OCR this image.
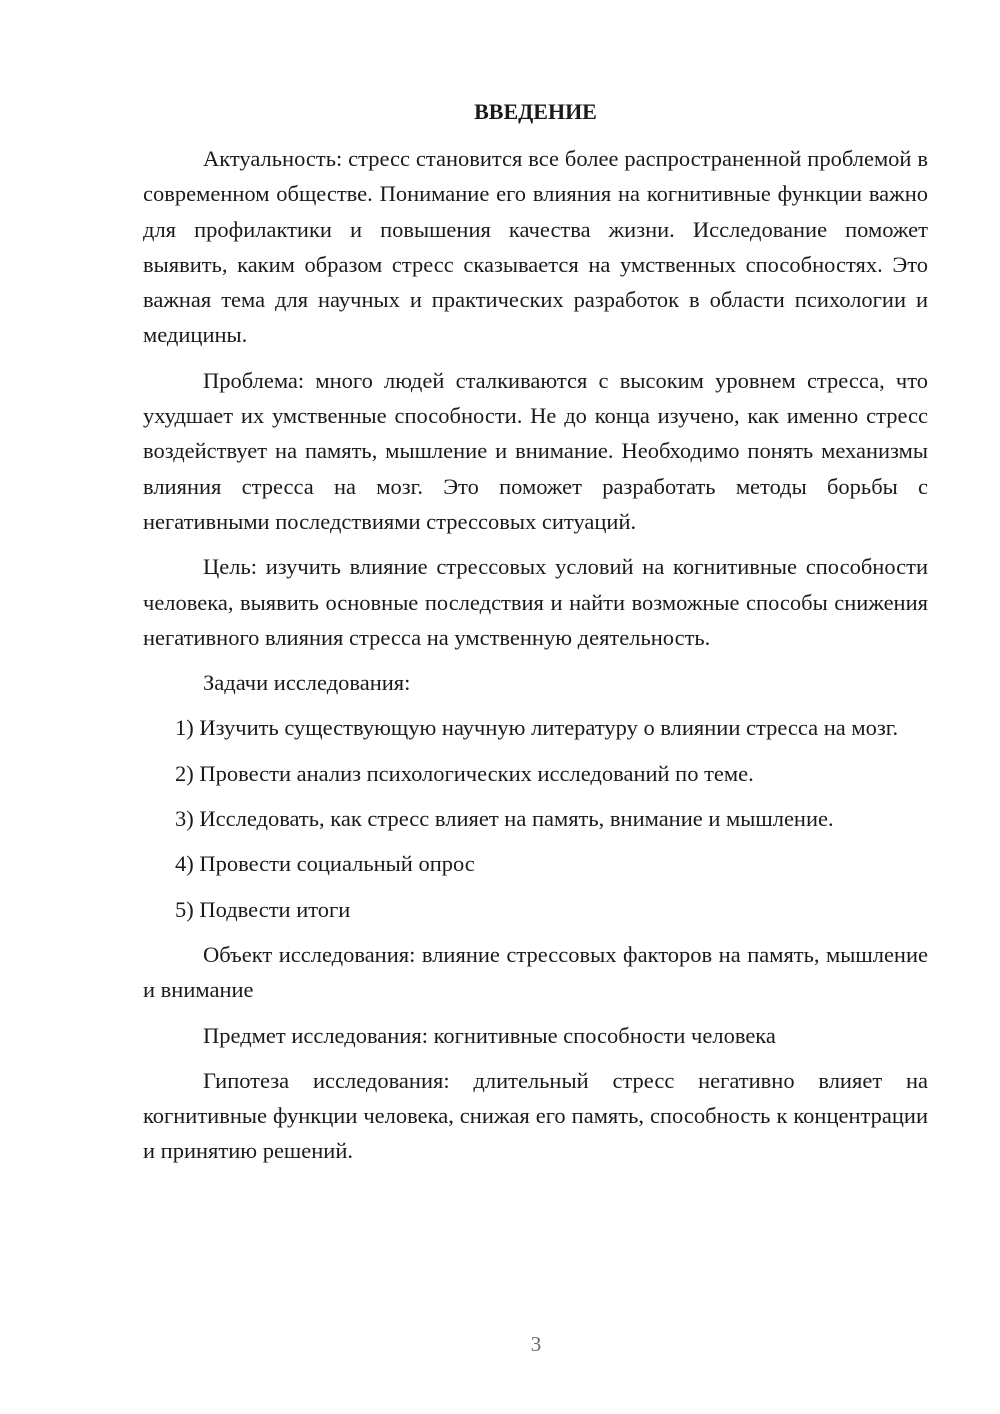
ВВЕДЕНИЕ

Актуальность: стресс становится все более распространенной проблемой в современном обществе. Понимание его влияния на когнитивные функции важно для профилактики и повышения качества жизни. Исследование поможет выявить, каким образом стресс сказывается на умственных способностях. Это важная тема для научных и практических разработок в области психологии и медицины.

Проблема: много людей сталкиваются с высоким уровнем стресса, что ухудшает их умственные способности. Не до конца изучено, как именно стресс воздействует на память, мышление и внимание. Необходимо понять механизмы влияния стресса на мозг. Это поможет разработать методы борьбы с негативными последствиями стрессовых ситуаций.

Цель: изучить влияние стрессовых условий на когнитивные способности человека, выявить основные последствия и найти возможные способы снижения негативного влияния стресса на умственную деятельность.

Задачи исследования:

1) Изучить существующую научную литературу о влиянии стресса на мозг.

2) Провести анализ психологических исследований по теме.

3) Исследовать, как стресс влияет на память, внимание и мышление.

4) Провести социальный опрос

5) Подвести итоги

Объект исследования: влияние стрессовых факторов на память, мышление и внимание

Предмет исследования: когнитивные способности человека

Гипотеза исследования: длительный стресс негативно влияет на когнитивные функции человека, снижая его память, способность к концентрации и принятию решений.

3
